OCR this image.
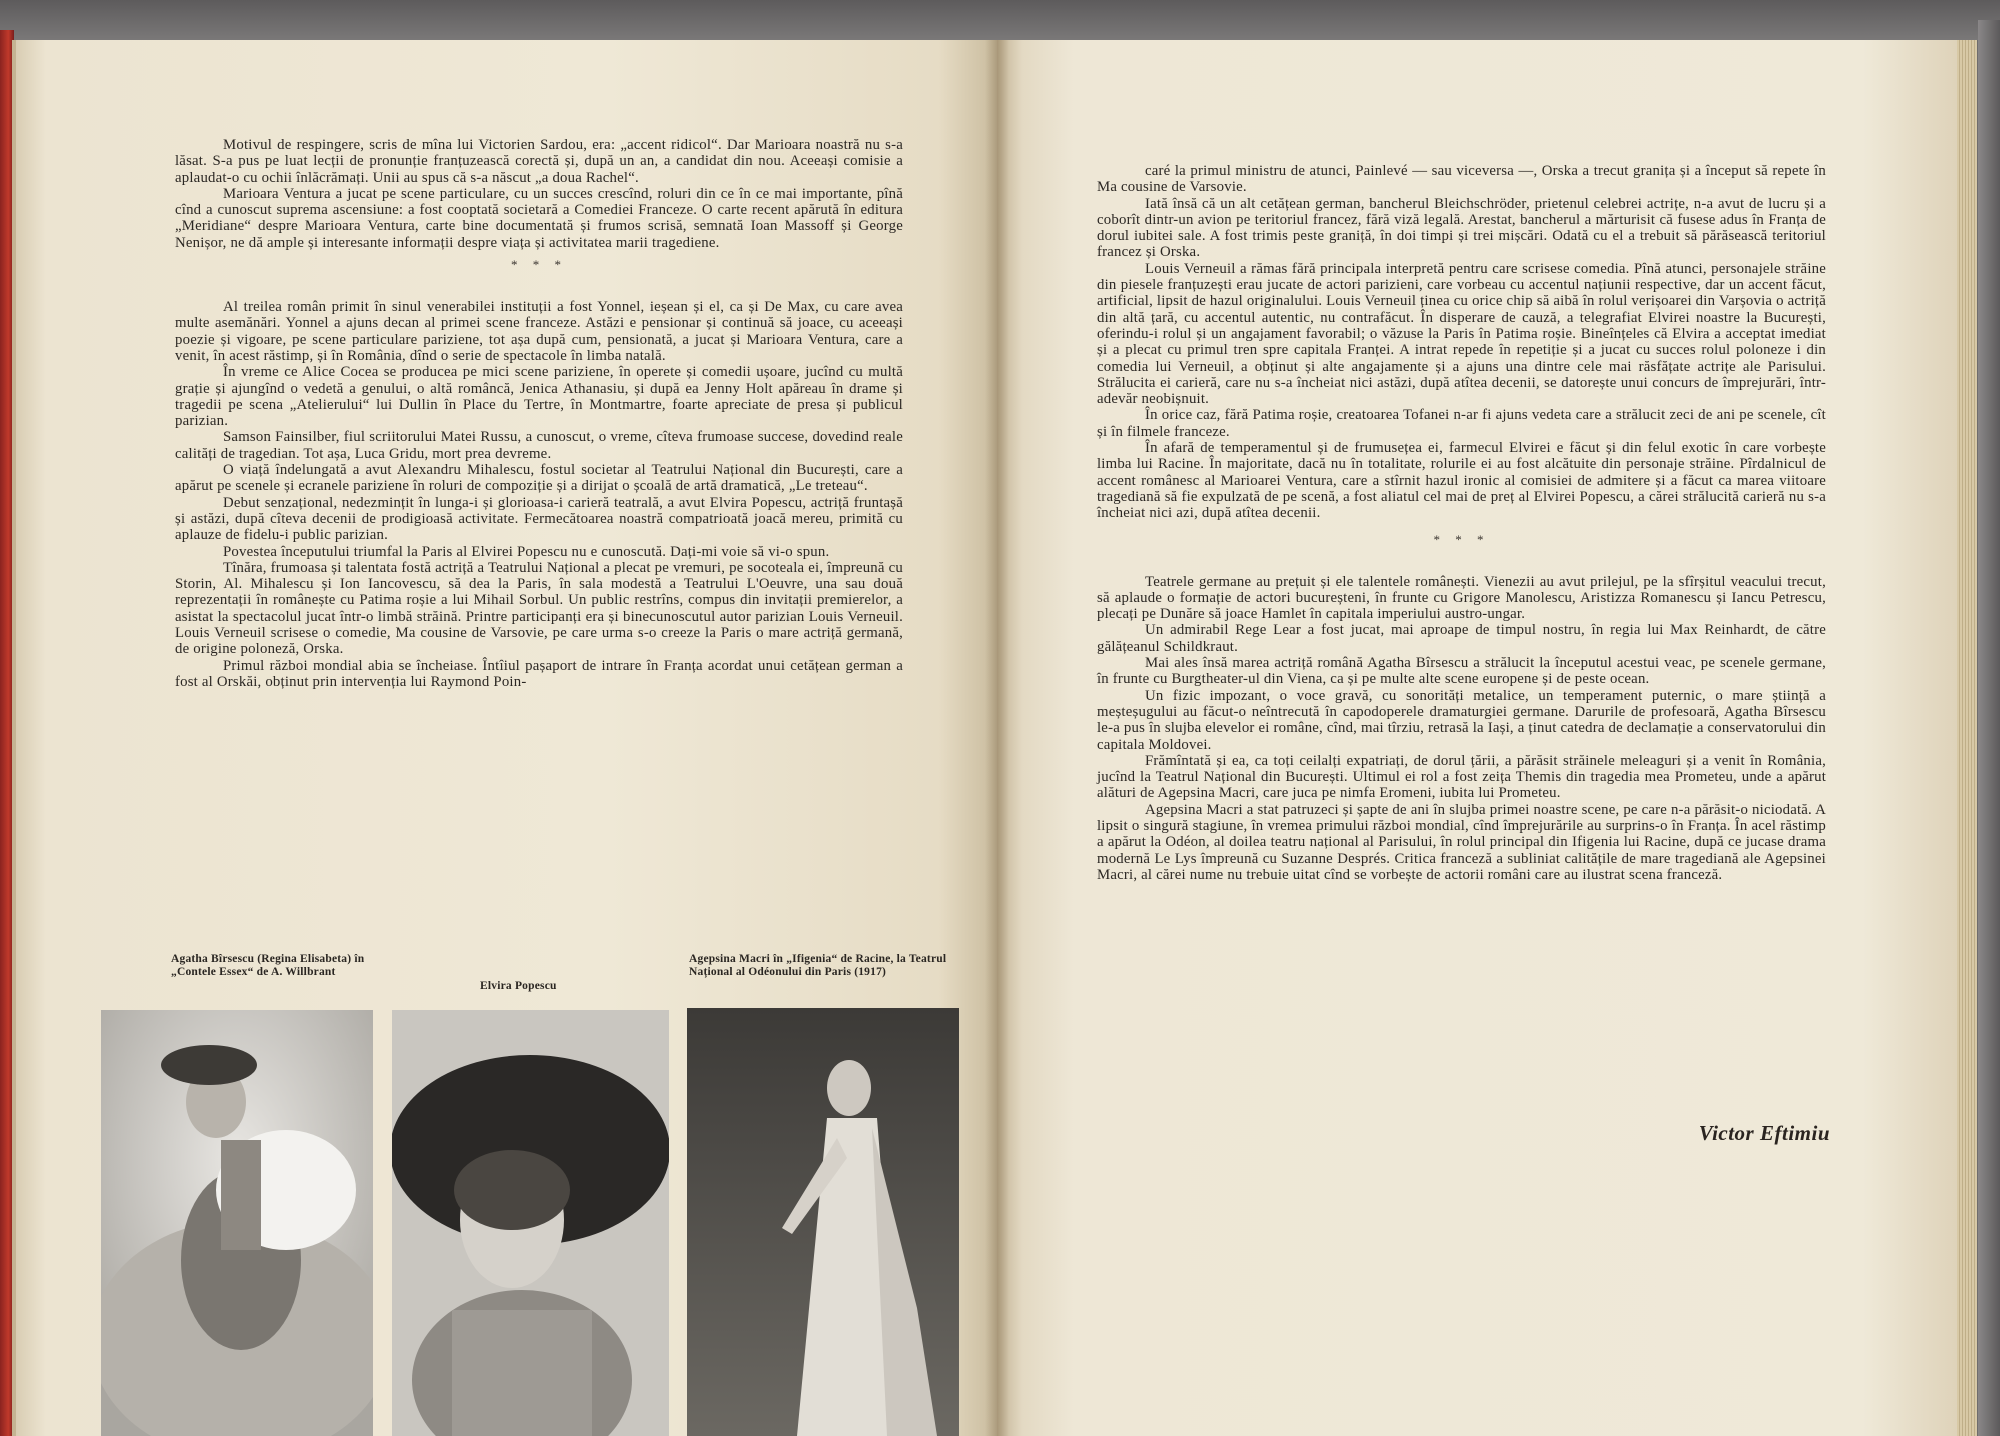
Motivul de respingere, scris de mîna lui Victorien Sardou, era: „accent ridicol“. Dar Marioara noastră nu s-a lăsat. S-a pus pe luat lecții de pronunție franțuzească corectă și, după un an, a candidat din nou. Aceeași comisie a aplaudat-o cu ochii înlăcrămați. Unii au spus că s-a născut „a doua Rachel“.

Marioara Ventura a jucat pe scene particulare, cu un succes crescînd, roluri din ce în ce mai importante, pînă cînd a cunoscut suprema ascensiune: a fost cooptată societară a Comediei Franceze. O carte recent apărută în editura „Meridiane“ despre Marioara Ventura, carte bine documentată și frumos scrisă, semnată Ioan Massoff și George Nenișor, ne dă ample și interesante informații despre viața și activitatea marii tragediene.

* * *

Al treilea român primit în sinul venerabilei instituții a fost Yonnel, ieșean și el, ca și De Max, cu care avea multe asemănări. Yonnel a ajuns decan al primei scene franceze. Astăzi e pensionar și continuă să joace, cu aceeași poezie și vigoare, pe scene particulare pariziene, tot așa după cum, pensionată, a jucat și Marioara Ventura, care a venit, în acest răstimp, și în România, dînd o serie de spectacole în limba natală.

În vreme ce Alice Cocea se producea pe mici scene pariziene, în operete și comedii ușoare, jucînd cu multă grație și ajungînd o vedetă a genului, o altă româncă, Jenica Athanasiu, și după ea Jenny Holt apăreau în drame și tragedii pe scena „Atelierului“ lui Dullin în Place du Tertre, în Montmartre, foarte apreciate de presa și publicul parizian.

Samson Fainsilber, fiul scriitorului Matei Russu, a cunoscut, o vreme, cîteva frumoase succese, dovedind reale calități de tragedian. Tot așa, Luca Gridu, mort prea devreme.

O viață îndelungată a avut Alexandru Mihalescu, fostul societar al Teatrului Național din București, care a apărut pe scenele și ecranele pariziene în roluri de compoziție și a dirijat o școală de artă dramatică, „Le treteau“.

Debut senzațional, nedezmințit în lunga-i și glorioasa-i carieră teatrală, a avut Elvira Popescu, actriță fruntașă și astăzi, după cîteva decenii de prodigioasă activitate. Fermecătoarea noastră compatrioată joacă mereu, primită cu aplauze de fidelu-i public parizian.

Povestea începutului triumfal la Paris al Elvirei Popescu nu e cunoscută. Dați-mi voie să vi-o spun.

Tînăra, frumoasa și talentata fostă actriță a Teatrului Național a plecat pe vremuri, pe socoteala ei, împreună cu Storin, Al. Mihalescu și Ion Iancovescu, să dea la Paris, în sala modestă a Teatrului L'Oeuvre, una sau două reprezentații în românește cu Patima roșie a lui Mihail Sorbul. Un public restrîns, compus din invitații premierelor, a asistat la spectacolul jucat într-o limbă străină. Printre participanți era și binecunoscutul autor parizian Louis Verneuil. Louis Verneuil scrisese o comedie, Ma cousine de Varsovie, pe care urma s-o creeze la Paris o mare actriță germană, de origine poloneză, Orska.

Primul război mondial abia se încheiase. Întîiul pașaport de intrare în Franța acordat unui cetățean german a fost al Orskăi, obținut prin intervenția lui Raymond Poin-

Agatha Bîrsescu (Regina Elisabeta) în „Contele Essex“ de A. Willbrant
Elvira Popescu
Agepsina Macri în „Ifigenia“ de Racine, la Teatrul Național al Odéonului din Paris (1917)

caré la primul ministru de atunci, Painlevé — sau viceversa —, Orska a trecut granița și a început să repete în Ma cousine de Varsovie.

Iată însă că un alt cetățean german, bancherul Bleichschröder, prietenul celebrei actrițe, n-a avut de lucru și a coborît dintr-un avion pe teritoriul francez, fără viză legală. Arestat, bancherul a mărturisit că fusese adus în Franța de dorul iubitei sale. A fost trimis peste graniță, în doi timpi și trei mișcări. Odată cu el a trebuit să părăsească teritoriul francez și Orska.

Louis Verneuil a rămas fără principala interpretă pentru care scrisese comedia. Pînă atunci, personajele străine din piesele franțuzești erau jucate de actori parizieni, care vorbeau cu accentul națiunii respective, dar un accent făcut, artificial, lipsit de hazul originalului. Louis Verneuil ținea cu orice chip să aibă în rolul verișoarei din Varșovia o actriță din altă țară, cu accentul autentic, nu contrafăcut. În disperare de cauză, a telegrafiat Elvirei noastre la București, oferindu-i rolul și un angajament favorabil; o văzuse la Paris în Patima roșie. Bineînțeles că Elvira a acceptat imediat și a plecat cu primul tren spre capitala Franței. A intrat repede în repetiție și a jucat cu succes rolul poloneze i din comedia lui Verneuil, a obținut și alte angajamente și a ajuns una dintre cele mai răsfățate actrițe ale Parisului. Strălucita ei carieră, care nu s-a încheiat nici astăzi, după atîtea decenii, se datorește unui concurs de împrejurări, într-adevăr neobișnuit.

În orice caz, fără Patima roșie, creatoarea Tofanei n-ar fi ajuns vedeta care a strălucit zeci de ani pe scenele, cît și în filmele franceze.

În afară de temperamentul și de frumusețea ei, farmecul Elvirei e făcut și din felul exotic în care vorbește limba lui Racine. În majoritate, dacă nu în totalitate, rolurile ei au fost alcătuite din personaje străine. Pîrdalnicul de accent românesc al Marioarei Ventura, care a stîrnit hazul ironic al comisiei de admitere și a făcut ca marea viitoare tragediană să fie expulzată de pe scenă, a fost aliatul cel mai de preț al Elvirei Popescu, a cărei strălucită carieră nu s-a încheiat nici azi, după atîtea decenii.

* * *

Teatrele germane au prețuit și ele talentele românești. Vienezii au avut prilejul, pe la sfîrșitul veacului trecut, să aplaude o formație de actori bucureșteni, în frunte cu Grigore Manolescu, Aristizza Romanescu și Iancu Petrescu, plecați pe Dunăre să joace Hamlet în capitala imperiului austro-ungar.

Un admirabil Rege Lear a fost jucat, mai aproape de timpul nostru, în regia lui Max Reinhardt, de către gălățeanul Schildkraut.

Mai ales însă marea actriță română Agatha Bîrsescu a strălucit la începutul acestui veac, pe scenele germane, în frunte cu Burgtheater-ul din Viena, ca și pe multe alte scene europene și de peste ocean.

Un fizic impozant, o voce gravă, cu sonorități metalice, un temperament puternic, o mare știință a meșteșugului au făcut-o neîntrecută în capodoperele dramaturgiei germane. Darurile de profesoară, Agatha Bîrsescu le-a pus în slujba elevelor ei române, cînd, mai tîrziu, retrasă la Iași, a ținut catedra de declamație a conservatorului din capitala Moldovei.

Frămîntată și ea, ca toți ceilalți expatriați, de dorul țării, a părăsit străinele meleaguri și a venit în România, jucînd la Teatrul Național din București. Ultimul ei rol a fost zeița Themis din tragedia mea Prometeu, unde a apărut alături de Agepsina Macri, care juca pe nimfa Eromeni, iubita lui Prometeu.

Agepsina Macri a stat patruzeci și șapte de ani în slujba primei noastre scene, pe care n-a părăsit-o niciodată. A lipsit o singură stagiune, în vremea primului război mondial, cînd împrejurările au surprins-o în Franța. În acel răstimp a apărut la Odéon, al doilea teatru național al Parisului, în rolul principal din Ifigenia lui Racine, după ce jucase drama modernă Le Lys împreună cu Suzanne Després. Critica franceză a subliniat calitățile de mare tragediană ale Agepsinei Macri, al cărei nume nu trebuie uitat cînd se vorbește de actorii români care au ilustrat scena franceză.

Victor Eftimiu
